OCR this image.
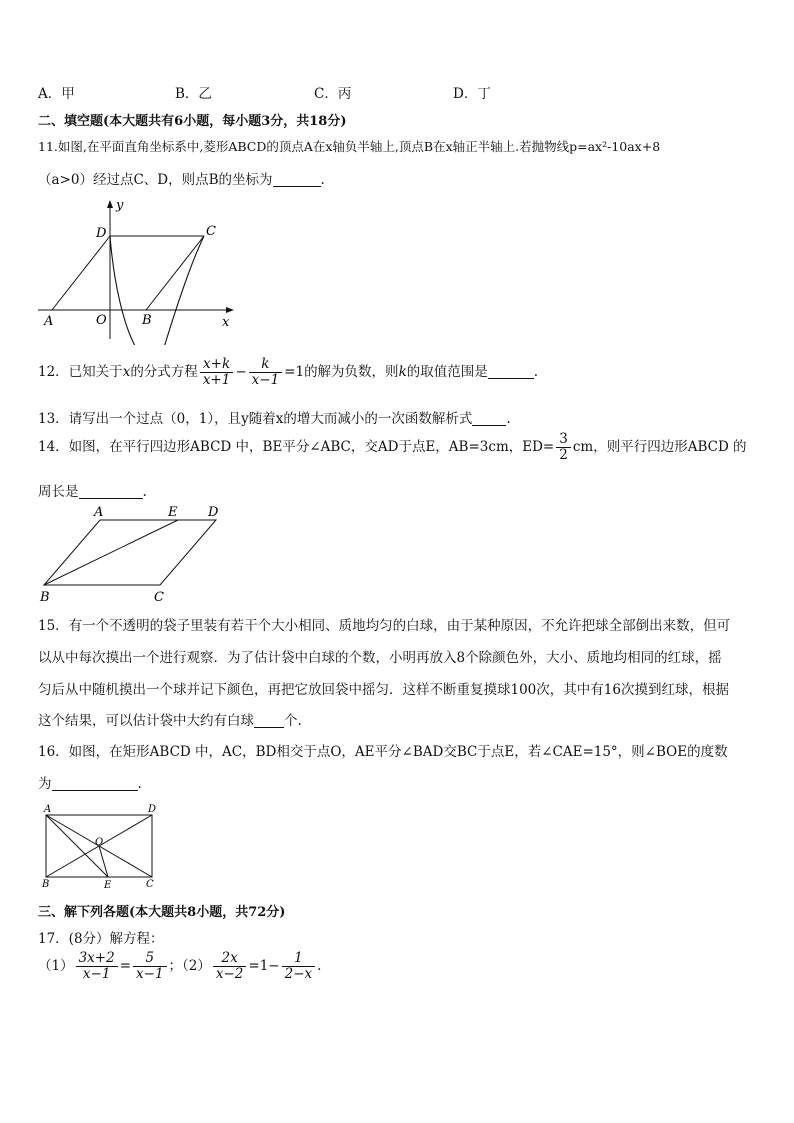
A．甲	B．乙	C．丙	D．丁
二、填空题(本大题共有6小题，每小题3分，共18分)
11.如图,在平面直角坐标系中,菱形ABCD的顶点A在x轴负半轴上,顶点B在x轴正半轴上.若抛物线p=ax²-10ax+8
（a>0）经过点C、D，则点B的坐标为	.
y
x
D	C
A	O	B
12．已知关于x的分式方程 $\frac{x+k}{x+1} - \frac{k}{x-1} =1$的解为负数，则k的取值范围是	.
13．请写出一个过点（0，1），且y随着x的增大而减小的一次函数解析式	.
14．如图，在平行四边形ABCD 中，BE平分∠ABC，交AD于点E，AB=3cm，$ED= \frac{3}{2}$ cm，则平行四边形ABCD 的
周长是	.
A	E D
B	C
15．有一个不透明的袋子里装有若干个大小相同、质地均匀的白球，由于某种原因，不允许把球全部倒出来数，但可
以从中每次摸出一个进行观察．为了估计袋中白球的个数，小明再放入8个除颜色外，大小、质地均相同的红球，摇
匀后从中随机摸出一个球并记下颜色，再把它放回袋中摇匀．这样不断重复摸球100次，其中有16次摸到红球，根据
这个结果，可以估计袋中大约有白球 个.
16．如图，在矩形ABCD 中，AC，BD相交于点O，AE平分∠BAD交BC于点E，若∠CAE=15°，则∠BOE的度数
为	.
A	D
O
B	E	C
三、解下列各题(本大题共8小题，共72分)
17．(8分）解方程：
$(1) \frac{3x+2}{x-1} = \frac{5}{x-1}$ ；$(2) \frac{2x}{x-2} =1- \frac{1}{2-x}$ .
